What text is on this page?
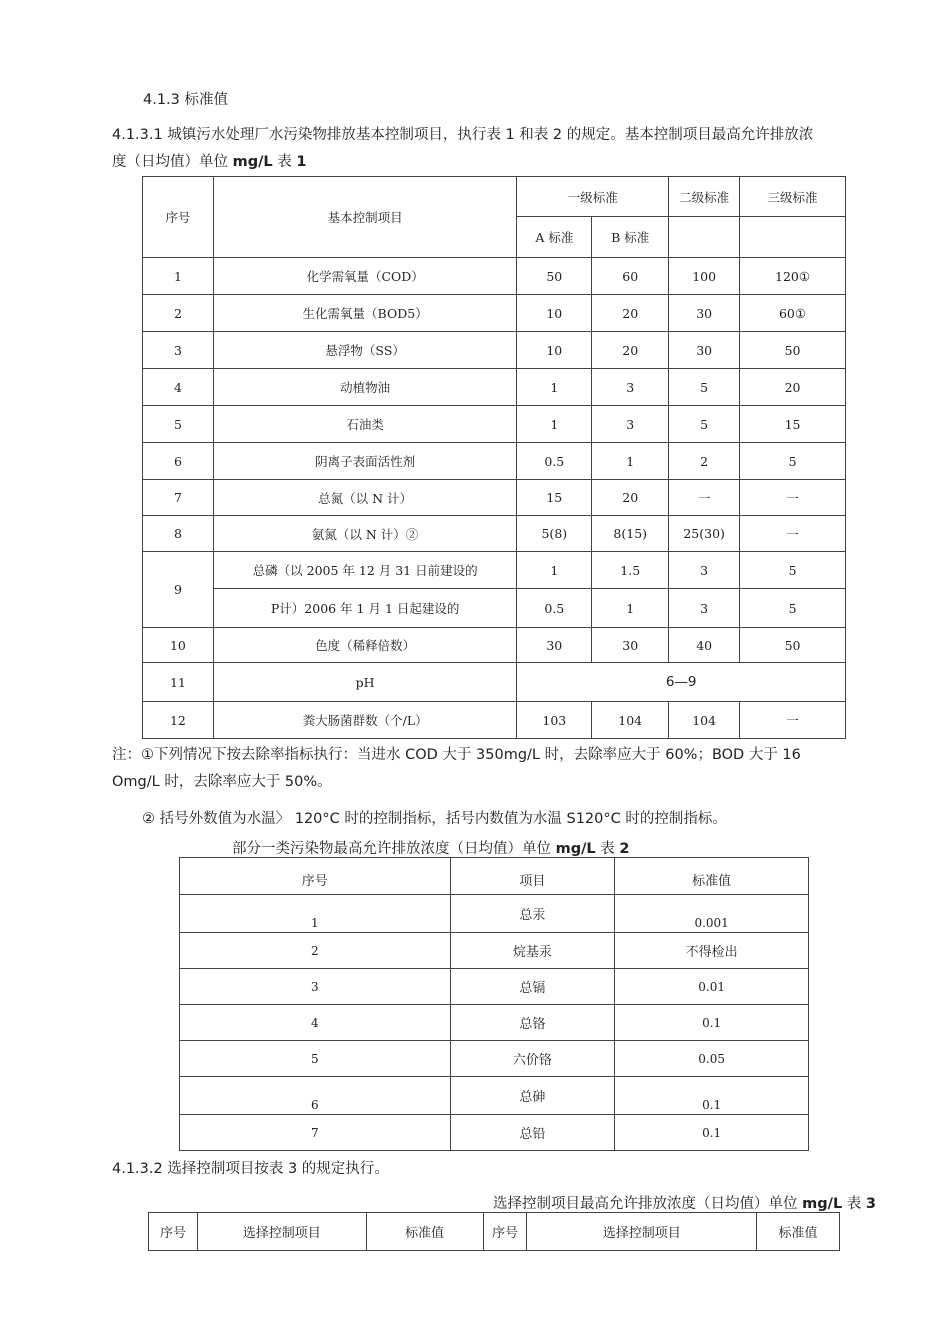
4.1.3 标准值
4.1.3.1 城镇污水处理厂水污染物排放基本控制项目，执行表 1 和表 2 的规定。基本控制项目最高允许排放浓
度（日均值）单位 mg/L 表 1
序号	基本控制项目	一级标准		二级标准	三级标准
		A 标准	B 标准		
1	化学需氧量（COD）	50	60	100	120①
2	生化需氧量（BOD5）	10	20	30	60①
3	悬浮物（SS）	10	20	30	50
4	动植物油	1	3	5	20
5	石油类	1	3	5	15
6	阴离子表面活性剂	0.5	1	2	5
7	总氮（以 N 计）	15	20	一	一
8	氨氮（以 N 计）②	5(8)	8(15)	25(30)	一
9	总磷（以 2005 年 12 月 31 日前建设的	1	1.5	3	5
	P计）2006 年 1 月 1 日起建设的	0.5	1	3	5
10	色度（稀释倍数）	30	30	40	50
11	pH	6—9			
12	粪大肠菌群数（个/L）	103	104	104	一
注：①下列情况下按去除率指标执行：当进水 COD 大于 350mg/L 时，去除率应大于 60%；BOD 大于 16
Omg/L 时，去除率应大于 50%。
② 括号外数值为水温〉 120°C 时的控制指标，括号内数值为水温 S120°C 时的控制指标。
部分一类污染物最高允许排放浓度（日均值）单位 mg/L 表 2
序号	项目	标准值
1	总汞	0.001
2	烷基汞	不得检出
3	总镉	0.01
4	总铬	0.1
5	六价铬	0.05
6	总砷	0.1
7	总铅	0.1
4.1.3.2 选择控制项目按表 3 的规定执行。
选择控制项目最高允许排放浓度（日均值）单位 mg/L 表 3
序号	选择控制项目	标准值	序号	选择控制项目	标准值
